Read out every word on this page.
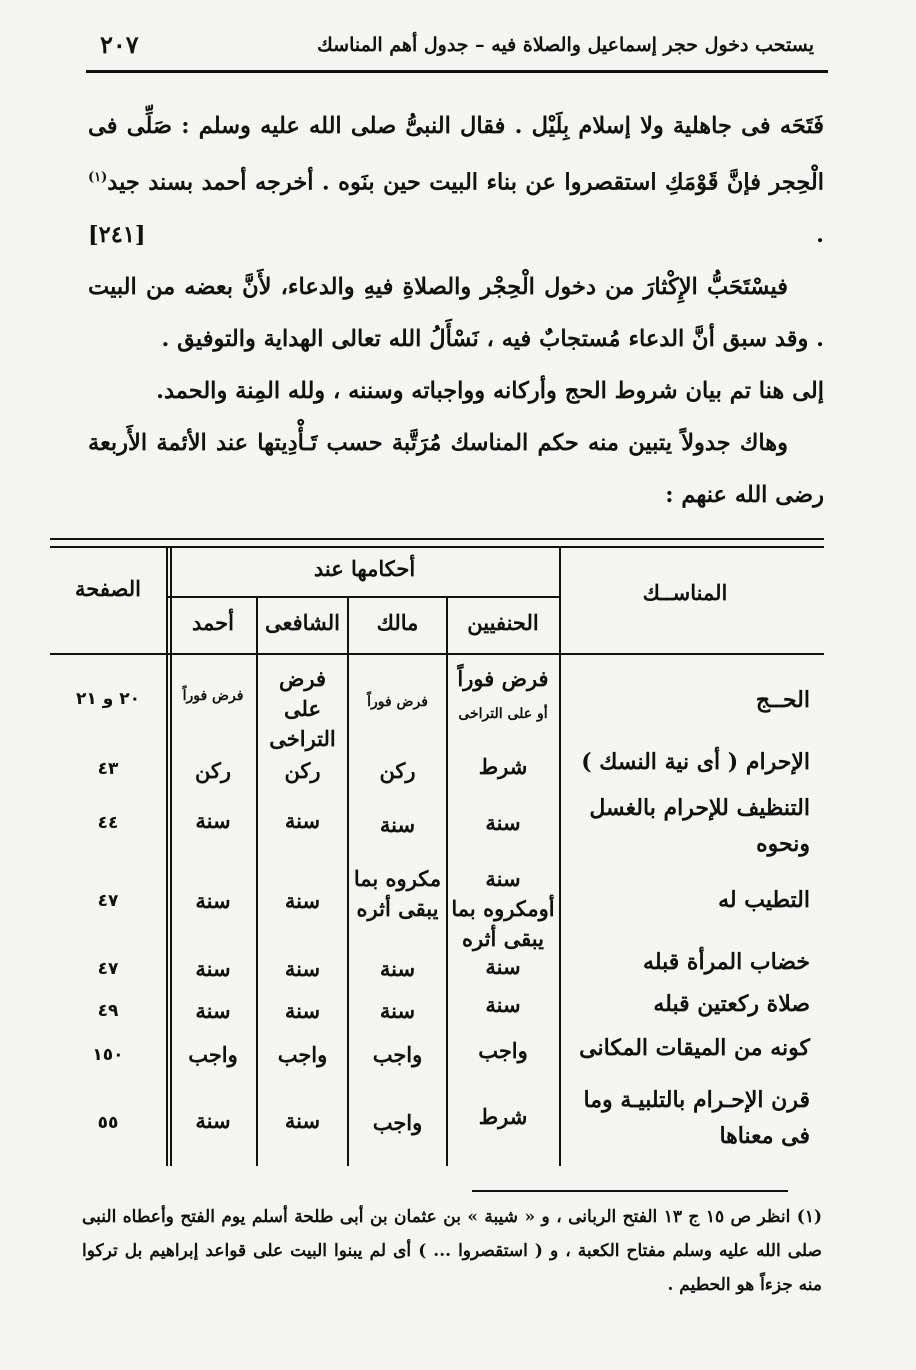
يستحب دخول حجر إسماعيل والصلاة فيه – جدول أهم المناسك
٢٠٧

فَتَحَه فى جاهلية ولا إسلام بِلَيْل . فقال النبىُّ صلى الله عليه وسلم : صَلِّى فى الْحِجر فإنَّ قَوْمَكِ استقصروا عن بناء البيت حين بنَوه . أخرجه أحمد بسند جيد$^{(١)}$ .
[٢٤١]

فيسْتَحَبُّ الإِكْثارَ من دخول الْحِجْر والصلاةِ فيهِ والدعاء، لأَنَّ بعضه من البيت . وقد سبق أنَّ الدعاء مُستجابٌ فيه ، نَسْأَلُ الله تعالى الهداية والتوفيق .

إلى هنا تم بيان شروط الحج وأركانه وواجباته وسننه ، ولله المِنة والحمد.

وهاك جدولاً يتبين منه حكم المناسك مُرَتَّبة حسب تَـأْدِيتها عند الأئمة الأَربعة رضى الله عنهم :

المناســك
أحكامها عند
الصفحة
الحنفيين
مالك
الشافعى
أحمد
الحــج
فرض فوراً
أو على التراخى
فرض فوراً
فرض على التراخى
فرض فوراً
٢٠ و ٢١
الإحرام ( أى نية النسك )
شرط
ركن
ركن
ركن
٤٣
التنظيف للإحرام بالغسل ونحوه
سنة
سنة
سنة
سنة
٤٤
التطيب له
سنة أومكروه بما يبقى أثره
مكروه بما يبقى أثره
سنة
سنة
٤٧
خضاب المرأة قبله
سنة
سنة
سنة
سنة
٤٧
صلاة ركعتين قبله
سنة
سنة
سنة
سنة
٤٩
كونه من الميقات المكانى
واجب
واجب
واجب
واجب
١٥٠
قرن الإحـرام بالتلبيـة وما فى معناها
شرط
واجب
سنة
سنة
٥٥

(١) انظر ص ١٥ ج ١٣ الفتح الربانى ، و « شيبة » بن عثمان بن أبى طلحة أسلم يوم الفتح وأعطاه النبى صلى الله عليه وسلم مفتاح الكعبة ، و ( استقصروا ... ) أى لم يبنوا البيت على قواعد إبراهيم بل تركوا منه جزءاً هو الحطيم .
